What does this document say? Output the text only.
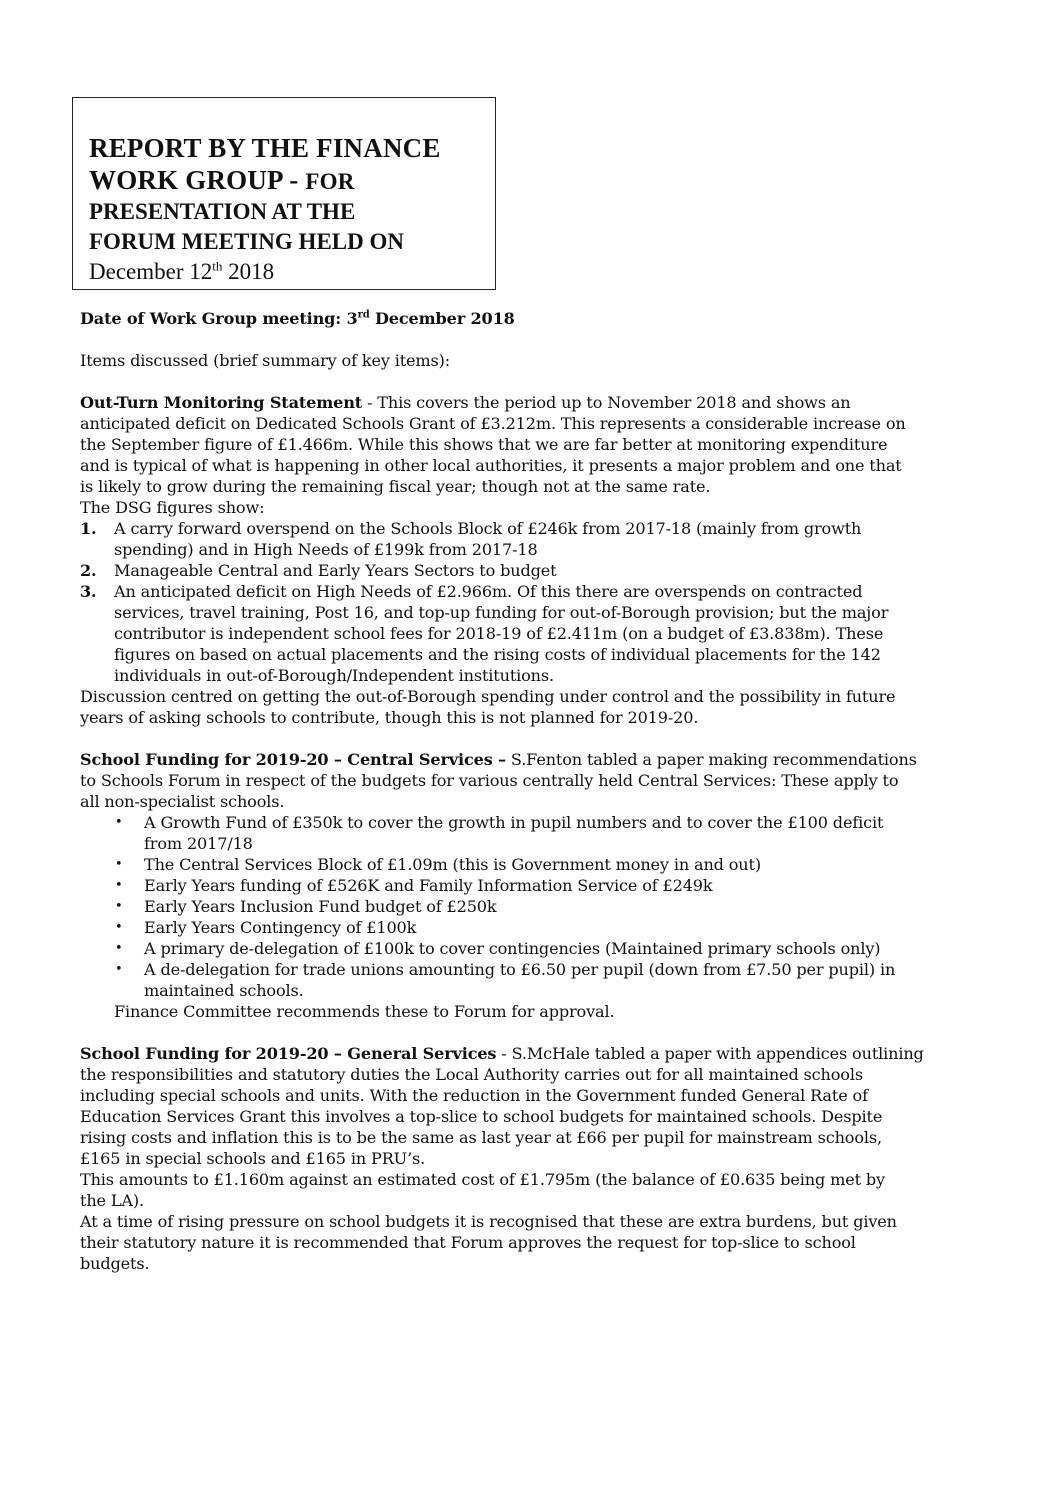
REPORT BY THE FINANCE
WORK GROUP - FOR
PRESENTATION AT THE
FORUM MEETING HELD ON
December 12th 2018

Date of Work Group meeting: 3rd December 2018

Items discussed (brief summary of key items):

Out-Turn Monitoring Statement - This covers the period up to November 2018 and shows an

anticipated deficit on Dedicated Schools Grant of £3.212m. This represents a considerable increase on

the September figure of £1.466m. While this shows that we are far better at monitoring expenditure

and is typical of what is happening in other local authorities, it presents a major problem and one that

is likely to grow during the remaining fiscal year; though not at the same rate.

The DSG figures show:

1. A carry forward overspend on the Schools Block of £246k from 2017-18 (mainly from growth
spending) and in High Needs of £199k from 2017-18
2. Manageable Central and Early Years Sectors to budget
3. An anticipated deficit on High Needs of £2.966m. Of this there are overspends on contracted
services, travel training, Post 16, and top-up funding for out-of-Borough provision; but the major
contributor is independent school fees for 2018-19 of £2.411m (on a budget of £3.838m). These
figures on based on actual placements and the rising costs of individual placements for the 142
individuals in out-of-Borough/Independent institutions.

Discussion centred on getting the out-of-Borough spending under control and the possibility in future

years of asking schools to contribute, though this is not planned for 2019-20.

School Funding for 2019-20 – Central Services – S.Fenton tabled a paper making recommendations

to Schools Forum in respect of the budgets for various centrally held Central Services: These apply to

all non-specialist schools.

• A Growth Fund of £350k to cover the growth in pupil numbers and to cover the £100 deficit
from 2017/18
• The Central Services Block of £1.09m (this is Government money in and out)
• Early Years funding of £526K and Family Information Service of £249k
• Early Years Inclusion Fund budget of £250k
• Early Years Contingency of £100k
• A primary de-delegation of £100k to cover contingencies (Maintained primary schools only)
• A de-delegation for trade unions amounting to £6.50 per pupil (down from £7.50 per pupil) in
maintained schools.

Finance Committee recommends these to Forum for approval.

School Funding for 2019-20 – General Services - S.McHale tabled a paper with appendices outlining

the responsibilities and statutory duties the Local Authority carries out for all maintained schools

including special schools and units. With the reduction in the Government funded General Rate of

Education Services Grant this involves a top-slice to school budgets for maintained schools. Despite

rising costs and inflation this is to be the same as last year at £66 per pupil for mainstream schools,

£165 in special schools and £165 in PRU’s.

This amounts to £1.160m against an estimated cost of £1.795m (the balance of £0.635 being met by

the LA).

At a time of rising pressure on school budgets it is recognised that these are extra burdens, but given

their statutory nature it is recommended that Forum approves the request for top-slice to school

budgets.
